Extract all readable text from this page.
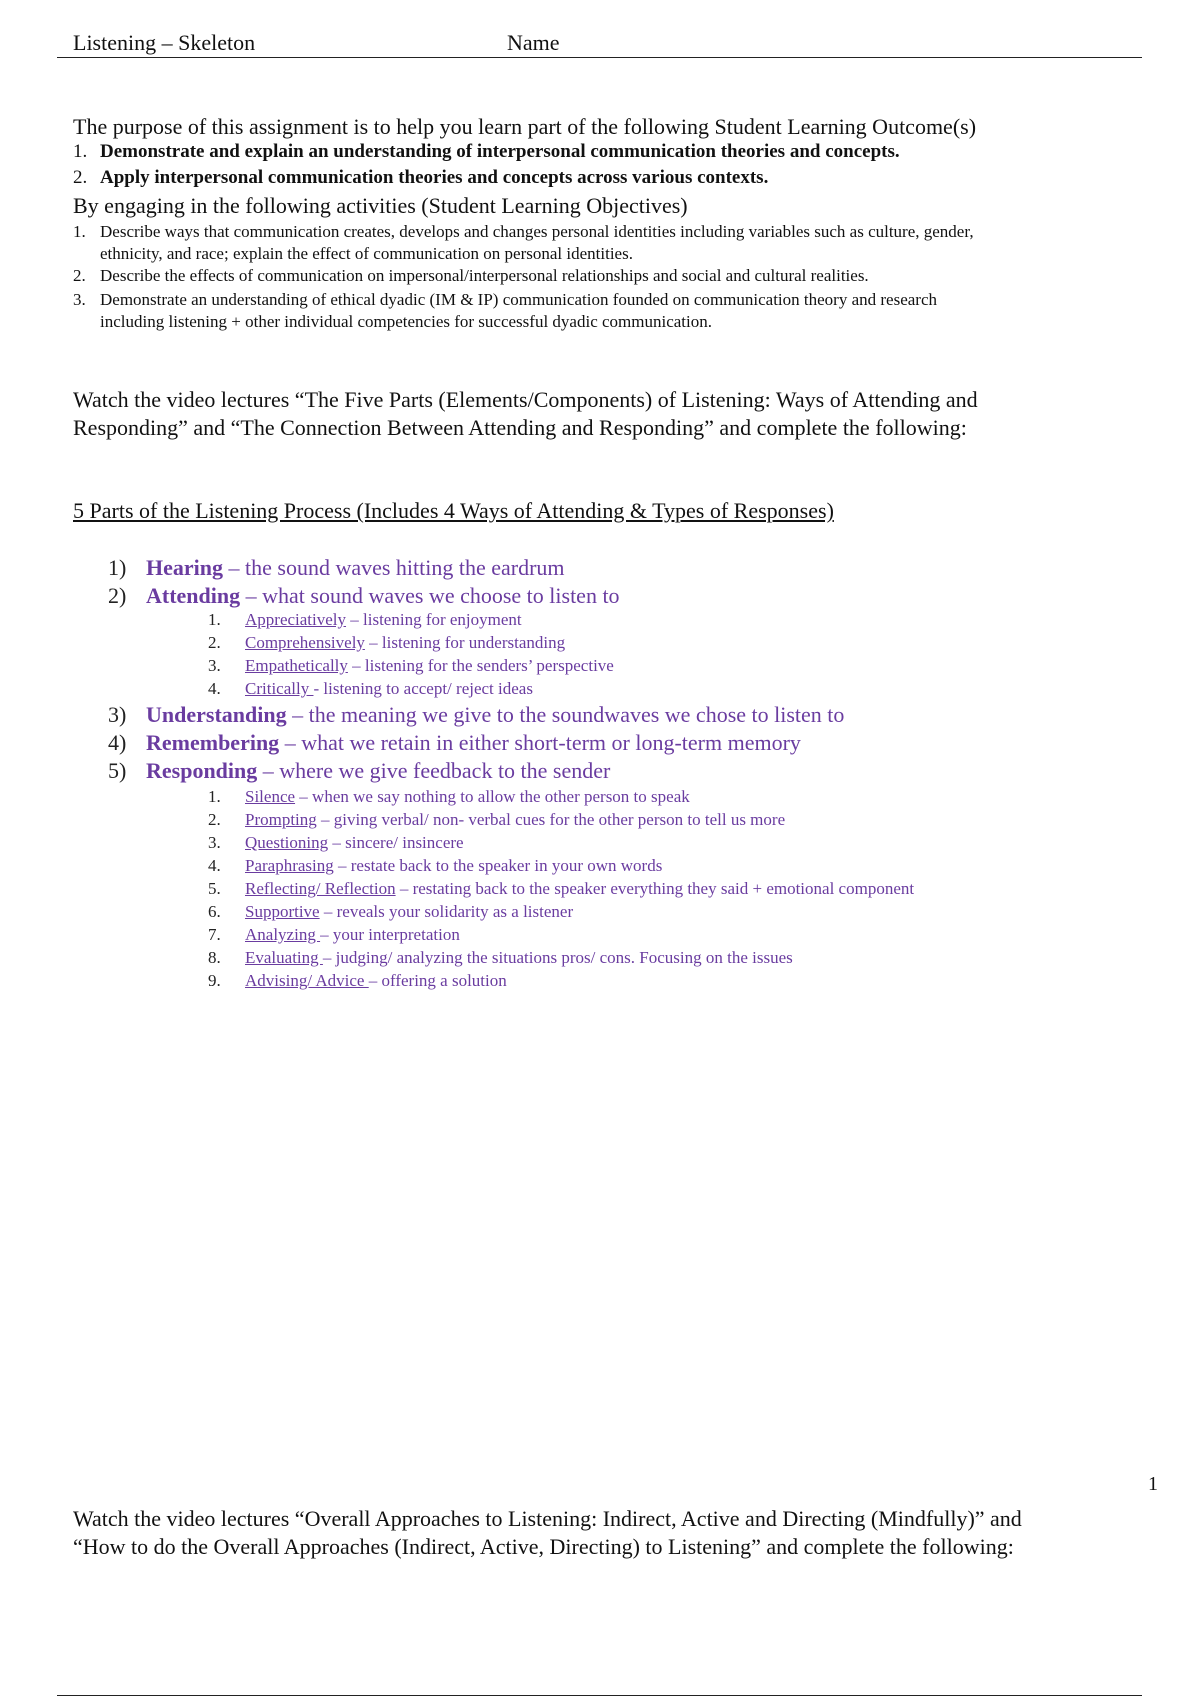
Listening – Skeleton	Name
The purpose of this assignment is to help you learn part of the following Student Learning Outcome(s)
1. Demonstrate and explain an understanding of interpersonal communication theories and concepts.
2. Apply interpersonal communication theories and concepts across various contexts.
By engaging in the following activities (Student Learning Objectives)
1. Describe ways that communication creates, develops and changes personal identities including variables such as culture, gender,
ethnicity, and race; explain the effect of communication on personal identities.
2. Describe the effects of communication on impersonal/interpersonal relationships and social and cultural realities.
3. Demonstrate an understanding of ethical dyadic (IM & IP) communication founded on communication theory and research
including listening + other individual competencies for successful dyadic communication.
Watch the video lectures “The Five Parts (Elements/Components) of Listening: Ways of Attending and
Responding” and “The Connection Between Attending and Responding” and complete the following:
5 Parts of the Listening Process (Includes 4 Ways of Attending & Types of Responses)
1) Hearing – the sound waves hitting the eardrum
2) Attending – what sound waves we choose to listen to
1. Appreciatively – listening for enjoyment
2. Comprehensively – listening for understanding
3. Empathetically – listening for the senders’ perspective
4. Critically - listening to accept/ reject ideas
3) Understanding – the meaning we give to the soundwaves we chose to listen to
4) Remembering – what we retain in either short-term or long-term memory
5) Responding – where we give feedback to the sender
1. Silence – when we say nothing to allow the other person to speak
2. Prompting – giving verbal/ non- verbal cues for the other person to tell us more
3. Questioning – sincere/ insincere
4. Paraphrasing – restate back to the speaker in your own words
5. Reflecting/ Reflection – restating back to the speaker everything they said + emotional component
6. Supportive – reveals your solidarity as a listener
7. Analyzing – your interpretation
8. Evaluating – judging/ analyzing the situations pros/ cons. Focusing on the issues
9. Advising/ Advice – offering a solution
1
Watch the video lectures “Overall Approaches to Listening: Indirect, Active and Directing (Mindfully)” and
“How to do the Overall Approaches (Indirect, Active, Directing) to Listening” and complete the following:
